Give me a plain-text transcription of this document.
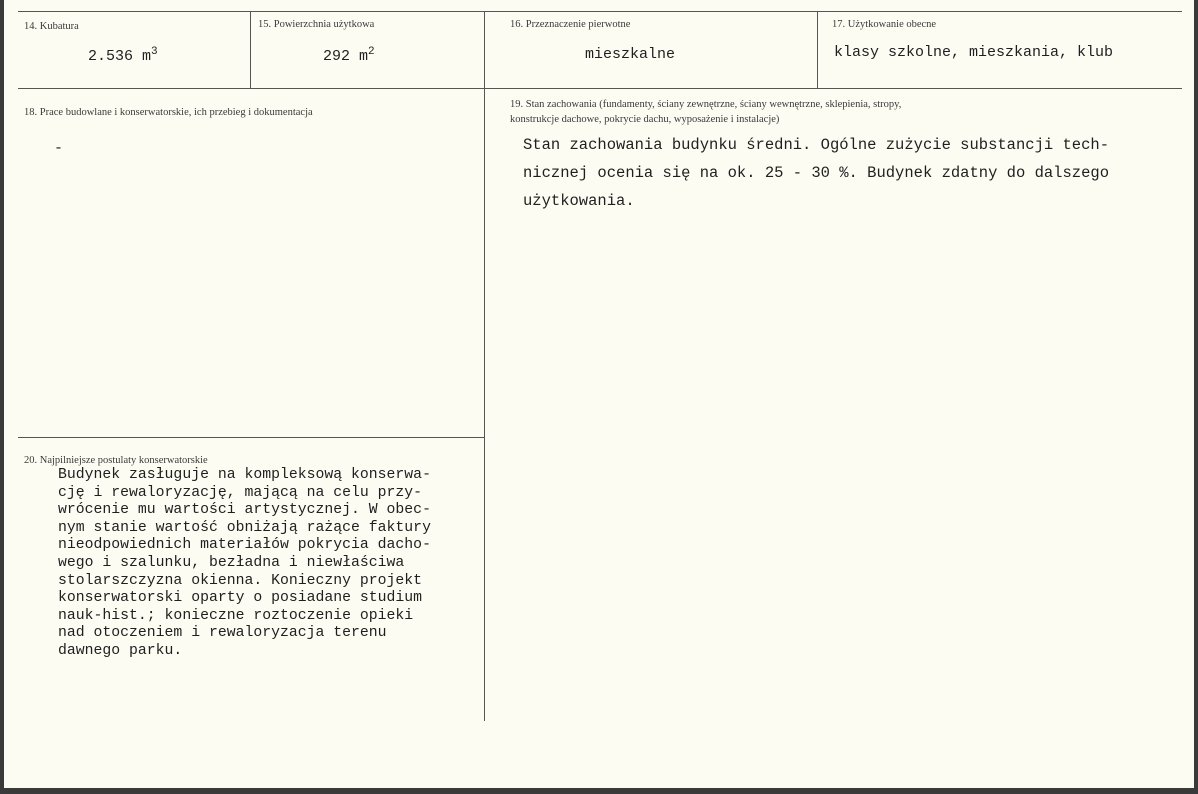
14. Kubatura
2.536 $m^3$
15. Powierzchnia użytkowa
292 $m^2$
16. Przeznaczenie pierwotne
mieszkalne
17. Użytkowanie obecne
klasy szkolne, mieszkania, klub
18. Prace budowlane i konserwatorskie, ich przebieg i dokumentacja
-
19. Stan zachowania (fundamenty, ściany zewnętrzne, ściany wewnętrzne, sklepienia, stropy,
konstrukcje dachowe, pokrycie dachu, wyposażenie i instalacje)
Stan zachowania budynku średni. Ogólne zużycie substancji tech-
nicznej ocenia się na ok. 25 - 30 %. Budynek zdatny do dalszego
użytkowania.
20. Najpilniejsze postulaty konserwatorskie
Budynek zasługuje na kompleksową konserwa-
cję i rewaloryzację, mającą na celu przy-
wrócenie mu wartości artystycznej. W obec-
nym stanie wartość obniżają rażące faktury
nieodpowiednich materiałów pokrycia dacho-
wego i szalunku, bezładna i niewłaściwa
stolarszczyzna okienna. Konieczny projekt
konserwatorski oparty o posiadane studium
nauk-hist.; konieczne roztoczenie opieki
nad otoczeniem i rewaloryzacja terenu
dawnego parku.
